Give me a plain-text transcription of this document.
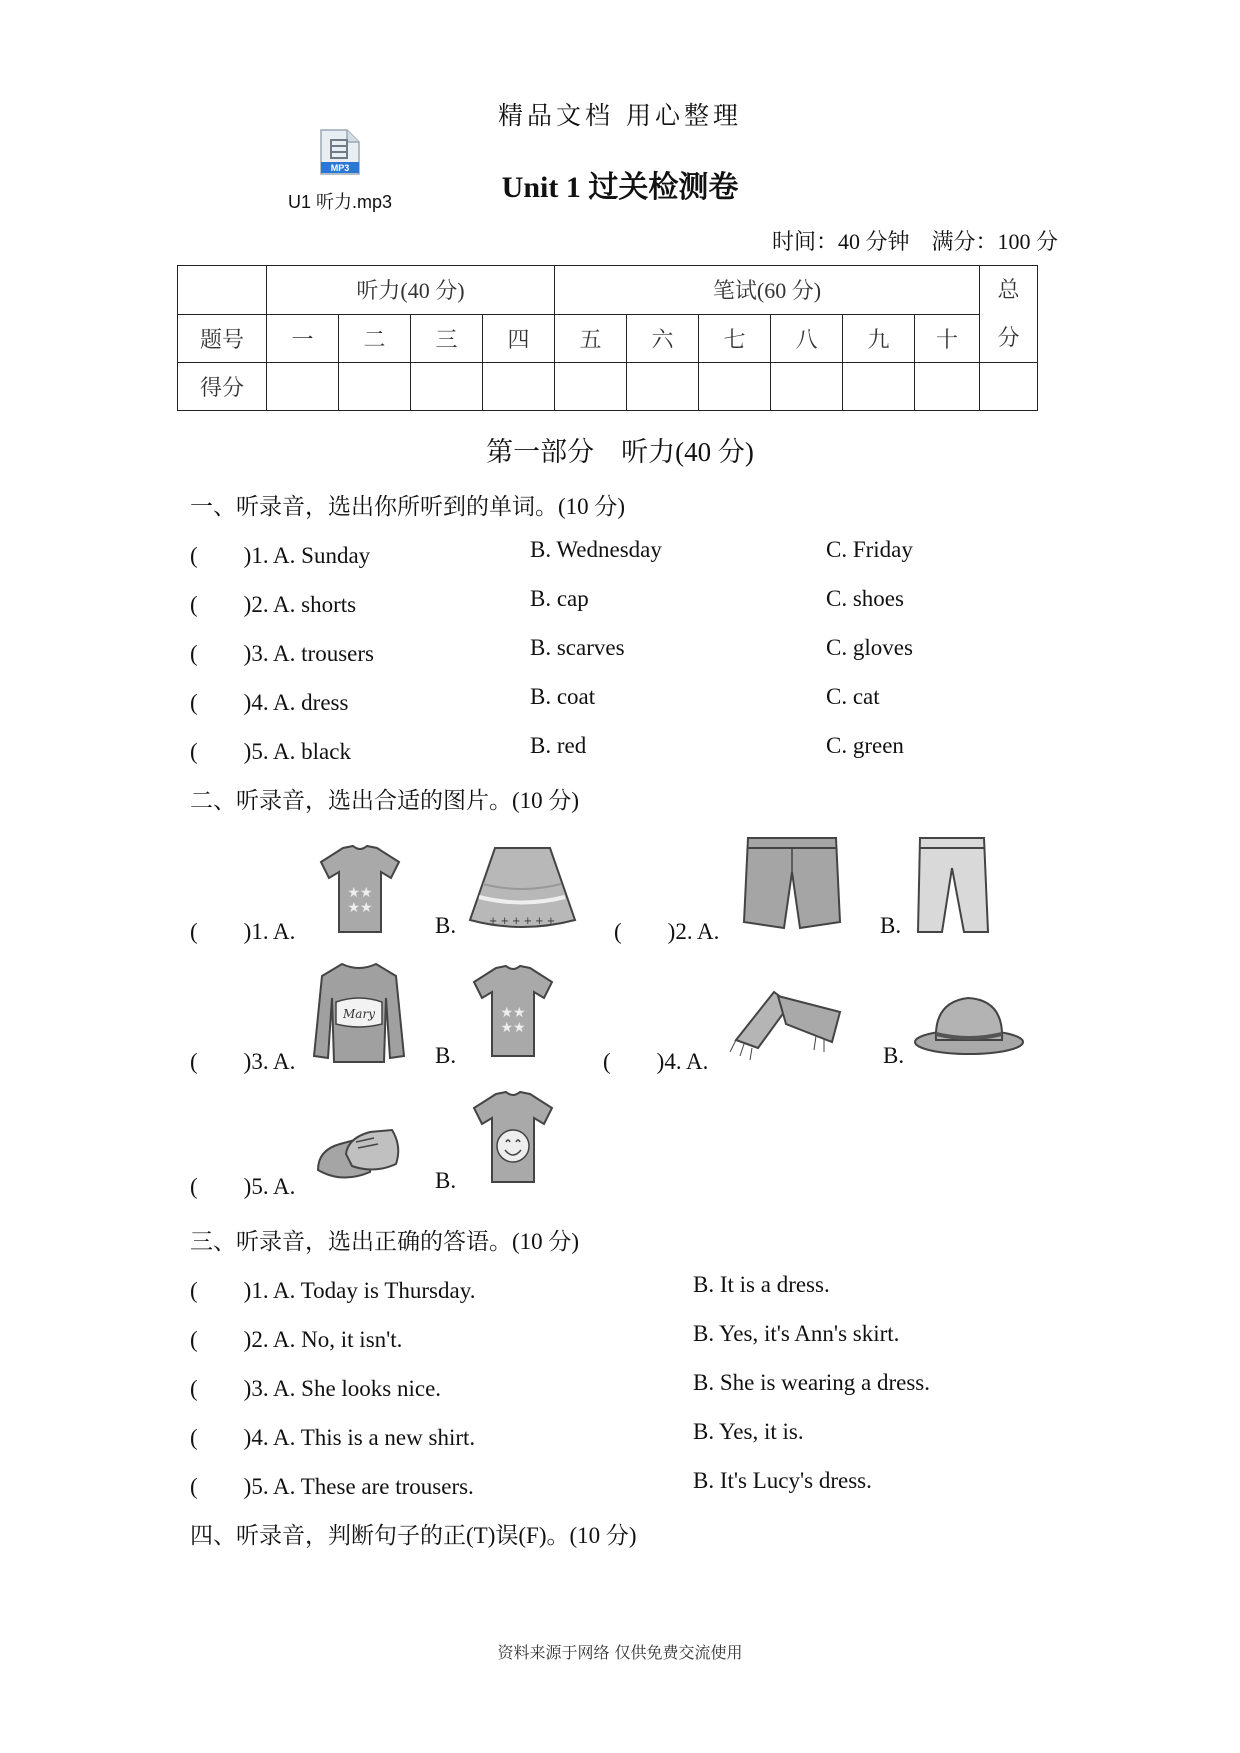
精品文档 用心整理
MP3
U1 听力.mp3	Unit 1 过关检测卷
时间：40 分钟　满分：100 分
	听力(40 分)				笔试(60 分)						总
分

题号	一	二	三	四	五	六	七	八	九	十	
得分											
第一部分　听力(40 分)
一、听录音，选出你所听到的单词。(10 分)
(　　)1. A. Sunday	B. Wednesday	C. Friday
(　　)2. A. shorts	B. cap	C. shoes
(　　)3. A. trousers	B. scarves	C. gloves
(　　)4. A. dress	B. coat	C. cat
(　　)5. A. black	B. red	C. green
二、听录音，选出合适的图片。(10 分)
(　　)1. A.
★★
★★
B.	+ + + + + +	(　　)2. A.	B.
(　　)3. A.
Mary
B.
★★
★★
(　　)4. A.	B.
(　　)5. A.	B.
三、听录音，选出正确的答语。(10 分)
(　　)1. A. Today is Thursday.	B. It is a dress.
(　　)2. A. No, it isn't.	B. Yes, it's Ann's skirt.
(　　)3. A. She looks nice.	B. She is wearing a dress.
(　　)4. A. This is a new shirt.	B. Yes, it is.
(　　)5. A. These are trousers.	B. It's Lucy's dress.
四、听录音，判断句子的正(T)误(F)。(10 分)
资料来源于网络 仅供免费交流使用
